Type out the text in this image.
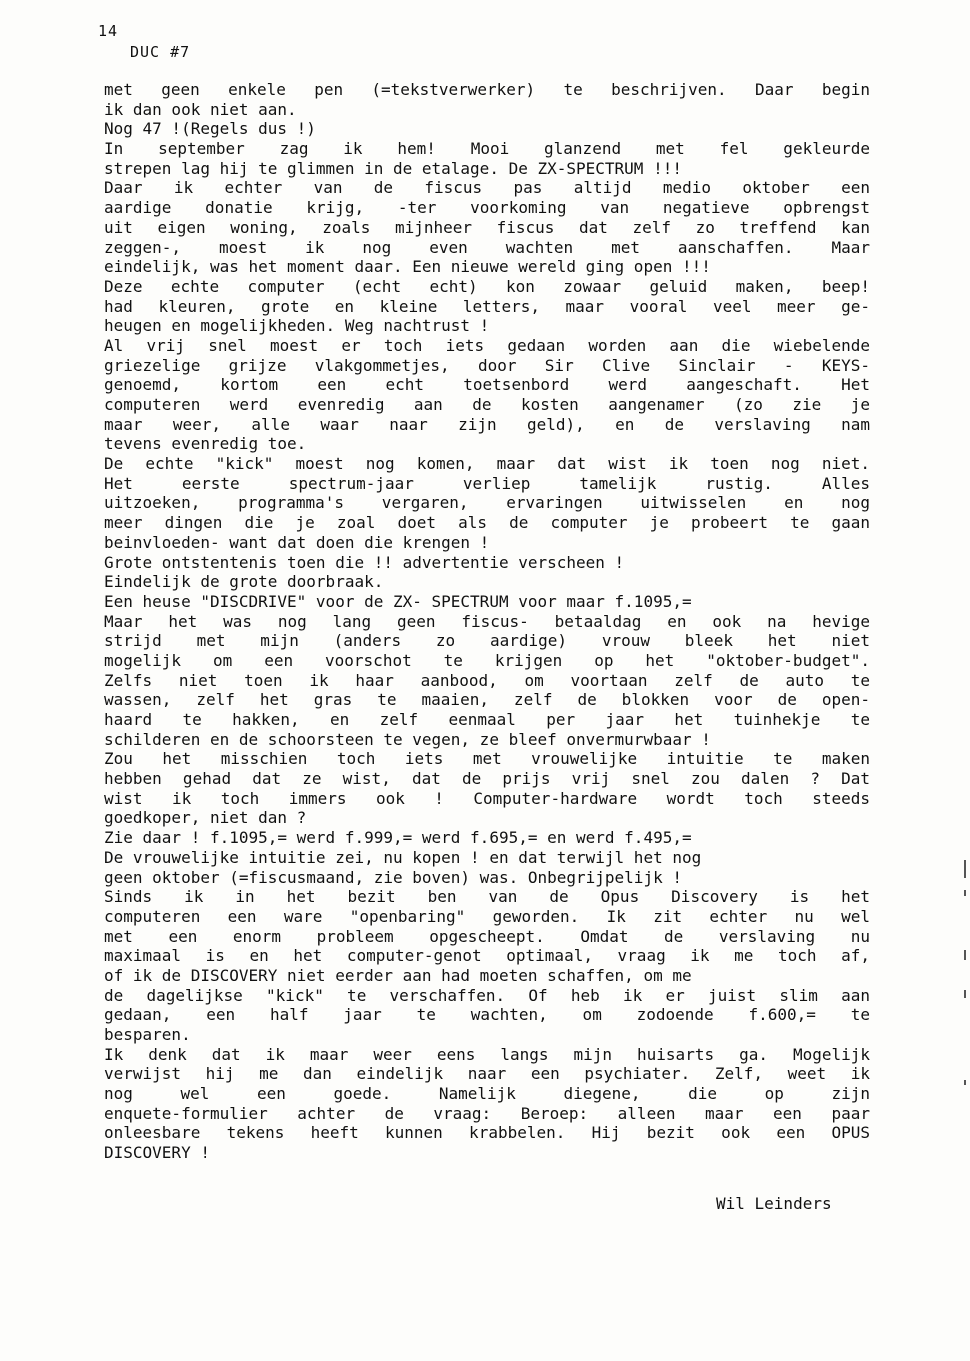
14
DUC #7
met geen enkele pen (=tekstverwerker) te beschrijven. Daar begin
ik dan ook niet aan.
Nog 47 !(Regels dus !)
In september zag ik hem! Mooi glanzend met fel gekleurde
strepen lag hij te glimmen in de etalage. De ZX-SPECTRUM !!!
Daar ik echter van de fiscus pas altijd medio oktober een
aardige donatie krijg, -ter voorkoming van negatieve opbrengst
uit eigen woning, zoals mijnheer fiscus dat zelf zo treffend kan
zeggen-, moest ik nog even wachten met aanschaffen. Maar
eindelijk, was het moment daar. Een nieuwe wereld ging open !!!
Deze echte computer (echt echt) kon zowaar geluid maken, beep!
had kleuren, grote en kleine letters, maar vooral veel meer ge-
heugen en mogelijkheden. Weg nachtrust !
Al vrij snel moest er toch iets gedaan worden aan die wiebelende
griezelige grijze vlakgommetjes, door Sir Clive Sinclair - KEYS-
genoemd, kortom een echt toetsenbord werd aangeschaft. Het
computeren werd evenredig aan de kosten aangenamer (zo zie je
maar weer, alle waar naar zijn geld), en de verslaving nam
tevens evenredig toe.
De echte "kick" moest nog komen, maar dat wist ik toen nog niet.
Het eerste spectrum-jaar verliep tamelijk rustig. Alles
uitzoeken, programma's vergaren, ervaringen uitwisselen en nog
meer dingen die je zoal doet als de computer je probeert te gaan
beinvloeden- want dat doen die krengen !
Grote ontstentenis toen die !! advertentie verscheen !
Eindelijk de grote doorbraak.
Een heuse "DISCDRIVE" voor de ZX- SPECTRUM voor maar f.1095,=
Maar het was nog lang geen fiscus- betaaldag en ook na hevige
strijd met mijn (anders zo aardige) vrouw bleek het niet
mogelijk om een voorschot te krijgen op het "oktober-budget".
Zelfs niet toen ik haar aanbood, om voortaan zelf de auto te
wassen, zelf het gras te maaien, zelf de blokken voor de open-
haard te hakken, en zelf eenmaal per jaar het tuinhekje te
schilderen en de schoorsteen te vegen, ze bleef onvermurwbaar !
Zou het misschien toch iets met vrouwelijke intuitie te maken
hebben gehad dat ze wist, dat de prijs vrij snel zou dalen ? Dat
wist ik toch immers ook ! Computer-hardware wordt toch steeds
goedkoper, niet dan ?
Zie daar ! f.1095,= werd f.999,= werd f.695,= en werd f.495,=
De vrouwelijke intuitie zei, nu kopen ! en dat terwijl het nog
geen oktober (=fiscusmaand, zie boven) was. Onbegrijpelijk !
Sinds ik in het bezit ben van de Opus Discovery is het
computeren een ware "openbaring" geworden. Ik zit echter nu wel
met een enorm probleem opgescheept. Omdat de verslaving nu
maximaal is en het computer-genot optimaal, vraag ik me toch af,
of ik de DISCOVERY niet eerder aan had moeten schaffen, om me
de dagelijkse "kick" te verschaffen. Of heb ik er juist slim aan
gedaan, een half jaar te wachten, om zodoende f.600,= te
besparen.
Ik denk dat ik maar weer eens langs mijn huisarts ga. Mogelijk
verwijst hij me dan eindelijk naar een psychiater. Zelf, weet ik
nog wel een goede. Namelijk diegene, die op zijn
enquete-formulier achter de vraag: Beroep: alleen maar een paar
onleesbare tekens heeft kunnen krabbelen. Hij bezit ook een OPUS
DISCOVERY !
Wil Leinders
